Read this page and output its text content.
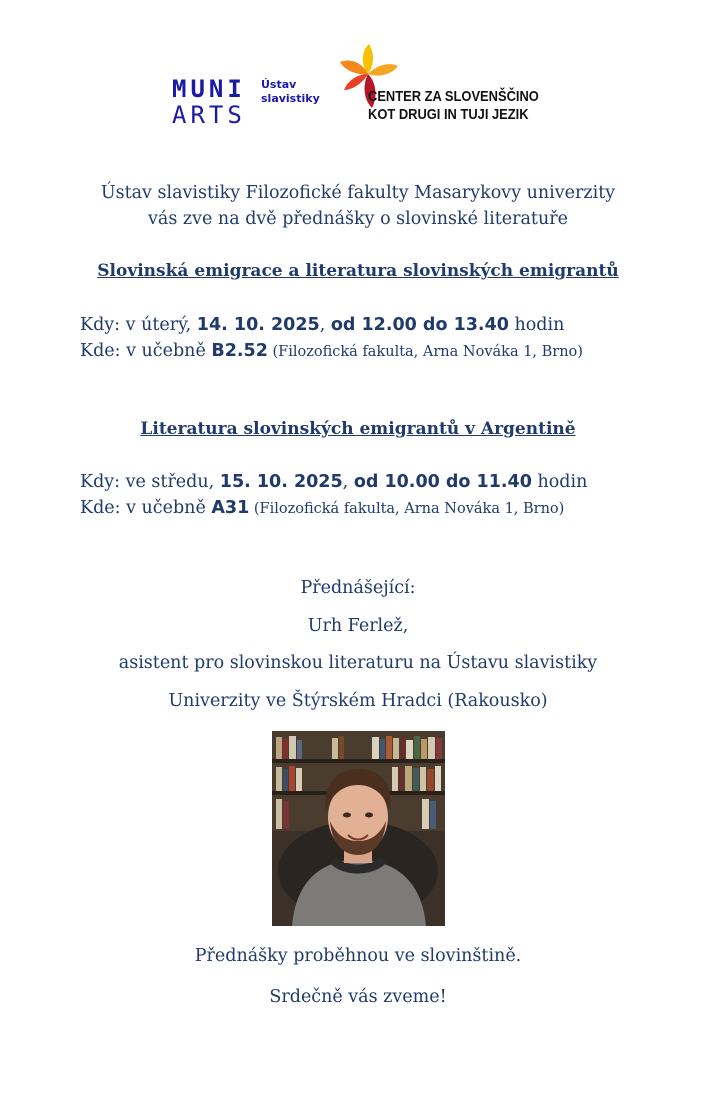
MUNI
ARTS
Ústav
slavistiky	CENTER ZA SLOVENŠČINO
KOT DRUGI IN TUJI JEZIK
Ústav slavistiky Filozofické fakulty Masarykovy univerzity
vás zve na dvě přednášky o slovinské literatuře
Slovinská emigrace a literatura slovinských emigrantů
Kdy: v úterý, 14. 10. 2025, od 12.00 do 13.40 hodin
Kde: v učebně B2.52 (Filozofická fakulta, Arna Nováka 1, Brno)
Literatura slovinských emigrantů v Argentině
Kdy: ve středu, 15. 10. 2025, od 10.00 do 11.40 hodin
Kde: v učebně A31 (Filozofická fakulta, Arna Nováka 1, Brno)
Přednášející:
Urh Ferlež,
asistent pro slovinskou literaturu na Ústavu slavistiky
Univerzity ve Štýrském Hradci (Rakousko)
Přednášky proběhnou ve slovinštině.
Srdečně vás zveme!
